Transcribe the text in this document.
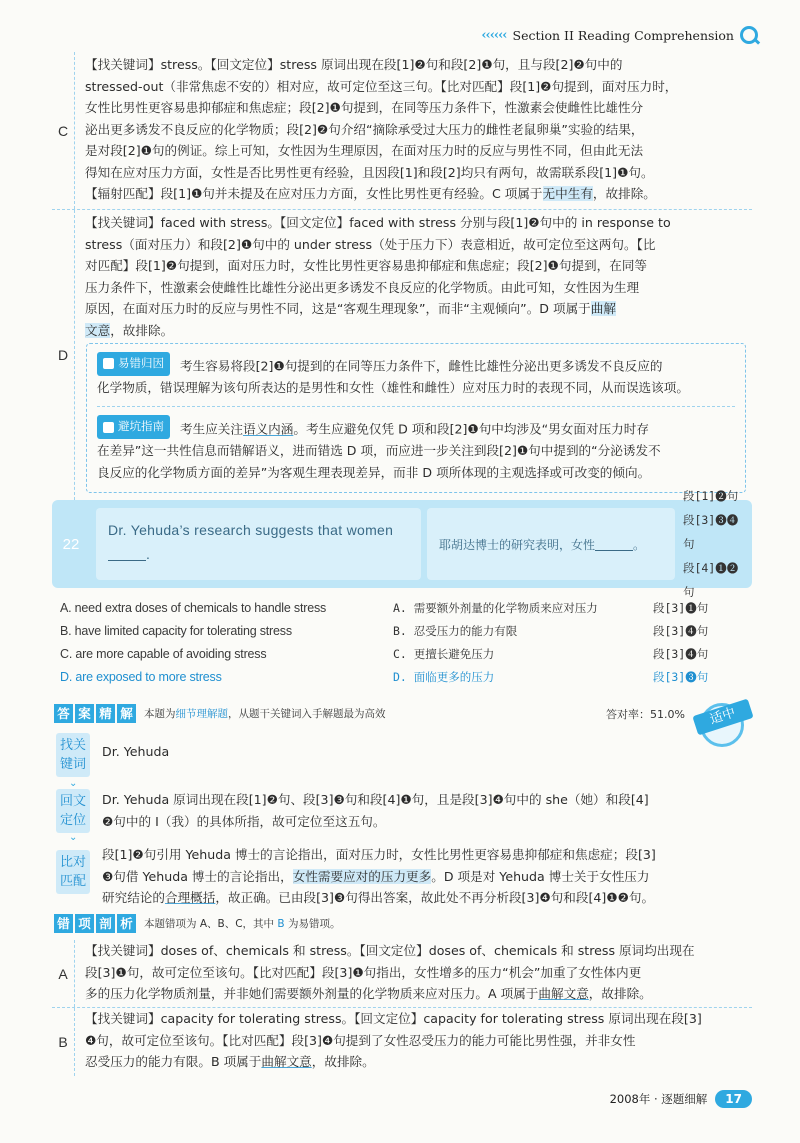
‹‹‹‹‹‹ Section II Reading Comprehension
C
【找关键词】stress。【回文定位】stress 原词出现在段[1]❷句和段[2]❶句，且与段[2]❷句中的
stressed-out（非常焦虑不安的）相对应，故可定位至这三句。【比对匹配】段[1]❷句提到，面对压力时，
女性比男性更容易患抑郁症和焦虑症；段[2]❶句提到，在同等压力条件下，性激素会使雌性比雄性分
泌出更多诱发不良反应的化学物质；段[2]❷句介绍“摘除承受过大压力的雌性老鼠卵巢”实验的结果，
是对段[2]❶句的例证。综上可知，女性因为生理原因，在面对压力时的反应与男性不同，但由此无法
得知在应对压力方面，女性是否比男性更有经验，且因段[1]和段[2]均只有两句，故需联系段[1]❶句。
【辐射匹配】段[1]❶句并未提及在应对压力方面，女性比男性更有经验。C 项属于无中生有，故排除。
D
【找关键词】faced with stress。【回文定位】faced with stress 分别与段[1]❷句中的 in response to
stress（面对压力）和段[2]❶句中的 under stress（处于压力下）表意相近，故可定位至这两句。【比
对匹配】段[1]❷句提到，面对压力时，女性比男性更容易患抑郁症和焦虑症；段[2]❶句提到，在同等
压力条件下，性激素会使雌性比雄性分泌出更多诱发不良反应的化学物质。由此可知，女性因为生理
原因，在面对压力时的反应与男性不同，这是“客观生理现象”，而非“主观倾向”。D 项属于曲解
文意，故排除。
易错归因 考生容易将段[2]❶句提到的在同等压力条件下，雌性比雄性分泌出更多诱发不良反应的
化学物质，错误理解为该句所表达的是男性和女性（雄性和雌性）应对压力时的表现不同，从而误选该项。
避坑指南 考生应关注语义内涵。考生应避免仅凭 D 项和段[2]❶句中均涉及“男女面对压力时存
在差异”这一共性信息而错解语义，进而错选 D 项，而应进一步关注到段[2]❶句中提到的“分泌诱发不
良反应的化学物质方面的差异”为客观生理表现差异，而非 D 项所体现的主观选择或可改变的倾向。
22
Dr. Yehuda’s research suggests that women.
耶胡达博士的研究表明，女性	。
段[1]❷句
段[3]❸❹句
段[4]❶❷句
A. need extra doses of chemicals to handle stress	A. 需要额外剂量的化学物质来应对压力	段[3]❶句
B. have limited capacity for tolerating stress	B. 忍受压力的能力有限	段[3]❹句
C. are more capable of avoiding stress	C. 更擅长避免压力	段[3]❹句
D. are exposed to more stress	D. 面临更多的压力	段[3]❸句
答 案 精 解	本题为细节理解题，从题干关键词入手解题最为高效	答对率：51.0%	适中
找关键词
Dr. Yehuda
⌄
回文定位
Dr. Yehuda 原词出现在段[1]❷句、段[3]❸句和段[4]❶句，且是段[3]❹句中的 she（她）和段[4]
❷句中的 I（我）的具体所指，故可定位至这五句。
⌄
比对匹配
段[1]❷句引用 Yehuda 博士的言论指出，面对压力时，女性比男性更容易患抑郁症和焦虑症；段[3]
❸句借 Yehuda 博士的言论指出，女性需要应对的压力更多。D 项是对 Yehuda 博士关于女性压力
研究结论的合理概括，故正确。已由段[3]❸句得出答案，故此处不再分析段[3]❹句和段[4]❶❷句。
错 项 剖 析	本题错项为 A、B、C，其中 B 为易错项。
A
【找关键词】doses of、chemicals 和 stress。【回文定位】doses of、chemicals 和 stress 原词均出现在
段[3]❶句，故可定位至该句。【比对匹配】段[3]❶句指出，女性增多的压力“机会”加重了女性体内更
多的压力化学物质剂量，并非她们需要额外剂量的化学物质来应对压力。A 项属于曲解文意，故排除。
B
【找关键词】capacity for tolerating stress。【回文定位】capacity for tolerating stress 原词出现在段[3]
❹句，故可定位至该句。【比对匹配】段[3]❹句提到了女性忍受压力的能力可能比男性强，并非女性
忍受压力的能力有限。B 项属于曲解文意，故排除。
2008年 · 逐题细解	17
